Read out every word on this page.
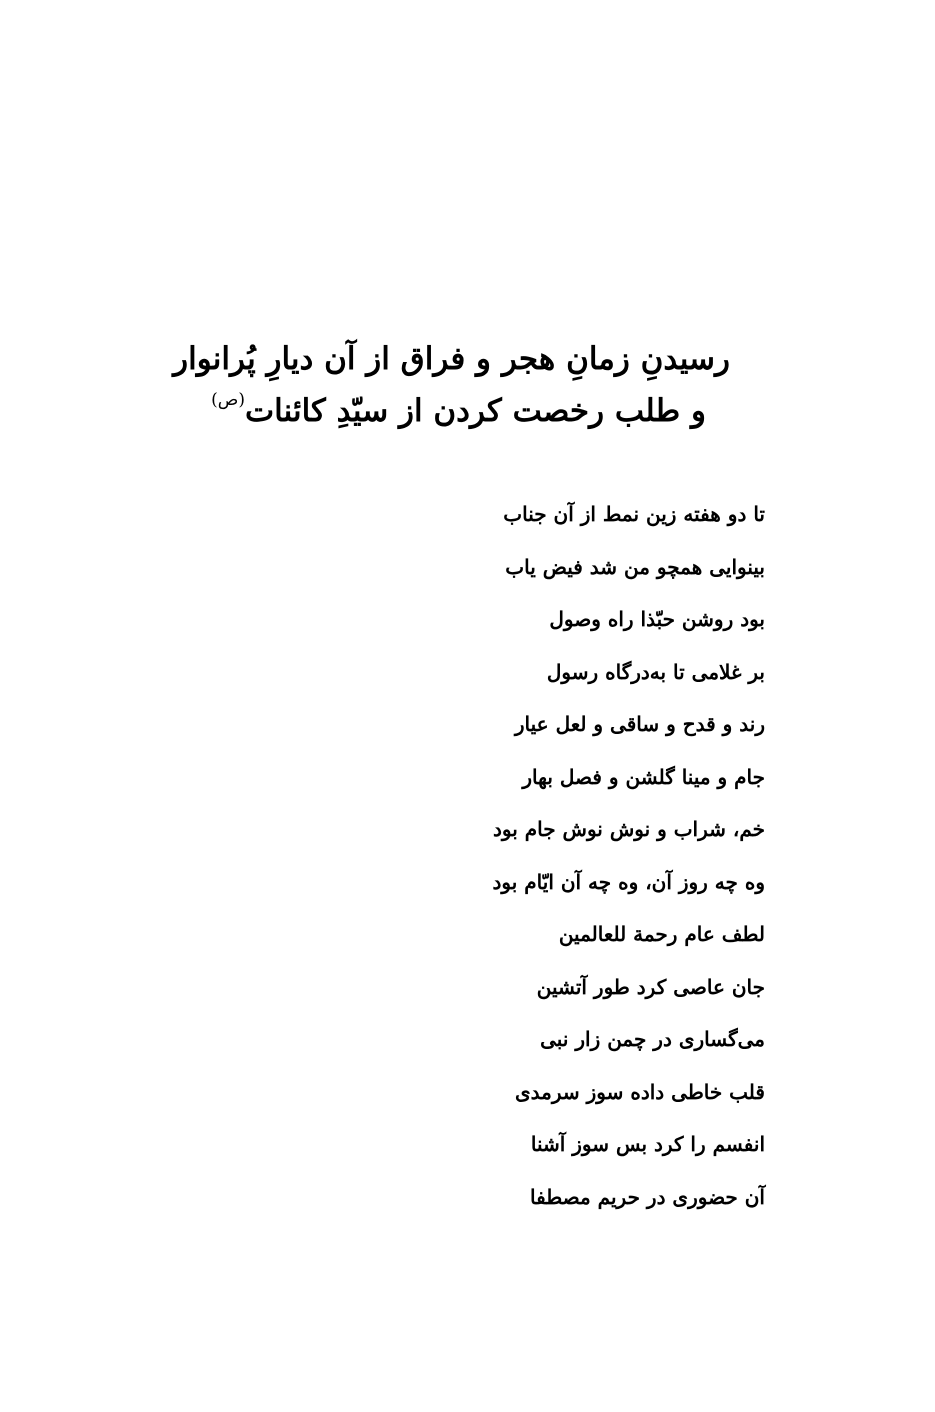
رسیدنِ زمانِ هجر و فراق از آن دیارِ پُرانوار
و طلب رخصت کردن از سیّدِ کائنات$^{(ص)}$
تا دو هفته زین نمط از آن جناب
بینوایی همچو من شد فیض یاب
بود روشن حبّذا راه وصول
بر غلامی تا به‌درگاه رسول
رند و قدح و ساقی و لعل عیار
جام و مینا گلشن و فصل بهار
خم، شراب و نوش نوش جام بود
وه چه روز آن، وه چه آن ایّام بود
لطف عام رحمة للعالمین
جان عاصی کرد طور آتشین
می‌گساری در چمن زار نبی
قلب خاطی داده سوز سرمدی
انفسم را کرد بس سوز آشنا
آن حضوری در حریم مصطفا
